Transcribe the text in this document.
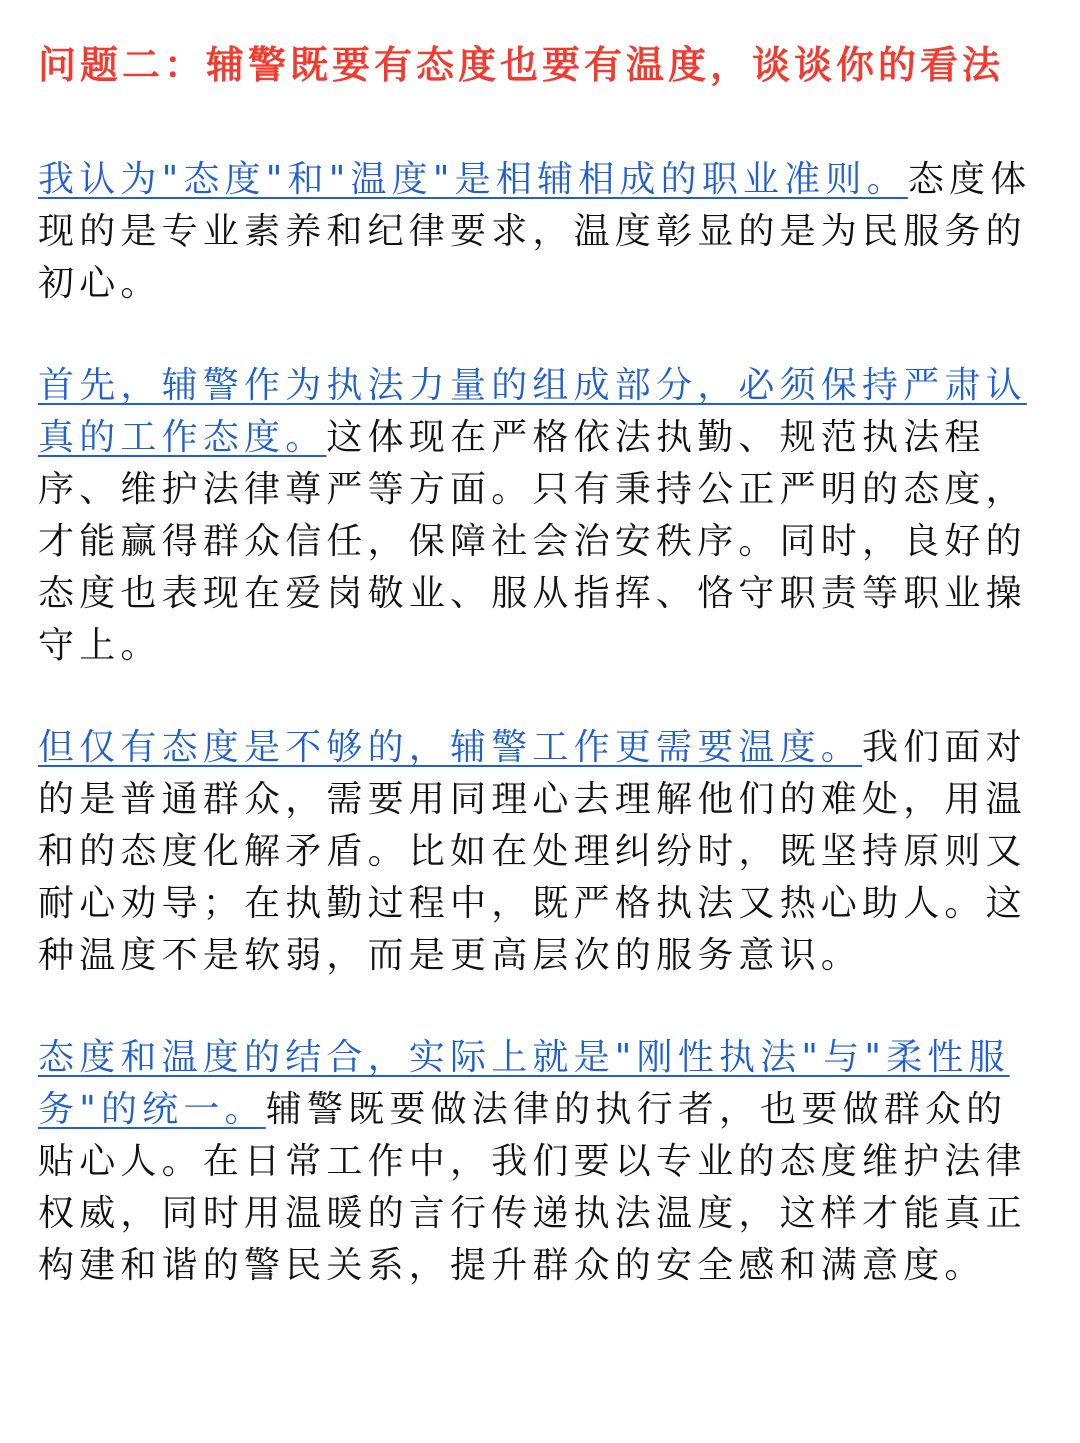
问题二：辅警既要有态度也要有温度，谈谈你的看法

我认为"态度"和"温度"是相辅相成的职业准则。态度体现的是专业素养和纪律要求，温度彰显的是为民服务的初心。

首先，辅警作为执法力量的组成部分，必须保持严肃认真的工作态度。这体现在严格依法执勤、规范执法程序、维护法律尊严等方面。只有秉持公正严明的态度，才能赢得群众信任，保障社会治安秩序。同时，良好的态度也表现在爱岗敬业、服从指挥、恪守职责等职业操守上。

但仅有态度是不够的，辅警工作更需要温度。我们面对的是普通群众，需要用同理心去理解他们的难处，用温和的态度化解矛盾。比如在处理纠纷时，既坚持原则又耐心劝导；在执勤过程中，既严格执法又热心助人。这种温度不是软弱，而是更高层次的服务意识。

态度和温度的结合，实际上就是"刚性执法"与"柔性服务"的统一。辅警既要做法律的执行者，也要做群众的贴心人。在日常工作中，我们要以专业的态度维护法律权威，同时用温暖的言行传递执法温度，这样才能真正构建和谐的警民关系，提升群众的安全感和满意度。
